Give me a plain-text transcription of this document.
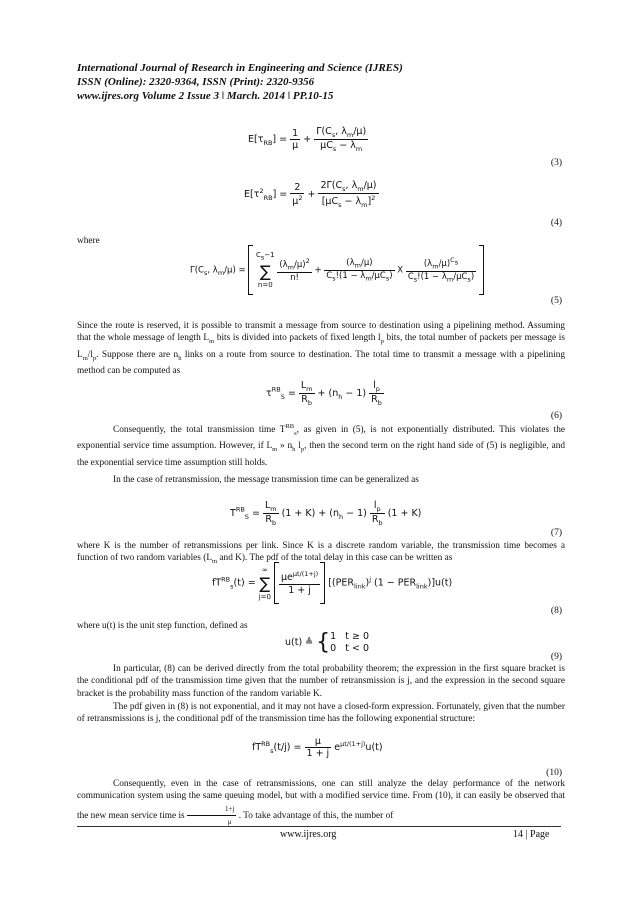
International Journal of Research in Engineering and Science (IJRES)
ISSN (Online): 2320-9364, ISSN (Print): 2320-9356
www.ijres.org Volume 2 Issue 3 ǀ March. 2014 ǀ PP.10-15
$E[\tau_{RB}] = \frac{1}{\mu} + \frac{\Gamma(C_s, \lambda_m/\mu)}{\mu C_s - \lambda_m}$
(3)
$E[\tau^2_{RB}] = \frac{2}{\mu^2} + \frac{2\Gamma(C_s, \lambda_m/\mu)}{[\mu C_s - \lambda_m]^2}$
(4)
where
$\Gamma(C_s$, $\lambda_m/\mu) = C_s-1$
∑
n=0
$\frac{(\lambda_m/\mu)^2}{n!} + \frac{(\lambda_m/\mu)}{C_s!(1 - \lambda_m/\mu C_s)}$ X $\frac{(\lambda_m/\mu)^{C_s}}{C_s!(1 - \lambda_m/\mu C_s)}$

(5)
Since the route is reserved, it is possible to transmit a message from source to destination using a pipelining method. Assuming that the whole message of length $L_m$ bits is divided into packets of fixed length $l_p$ bits, the total number of packets per message is $L_m/l_p$. Suppose there are $n_h$ links on a route from source to destination. The total time to transmit a message with a pipelining method can be computed as
$\tau^{RB}_S = \frac{L_m}{R_b} + (n_h - 1) \frac{l_p}{R_b}$
(6)
Consequently, the total transmission time $T^{RB}_s$, as given in (5), is not exponentially distributed. This violates the exponential service time assumption. However, if $L_m$ » $n_h$ $l_p$, then the second term on the right hand side of (5) is negligible, and the exponential service time assumption still holds.
In the case of retransmission, the message transmission time can be generalized as
$T^{RB}_S = \frac{L_m}{R_b} (1 + K) + (n_h - 1) \frac{l_p}{R_b} (1 + K)$
(7)
where K is the number of retransmissions per link. Since K is a discrete random variable, the transmission time becomes a function of two random variables ($L_m$ and K). The pdf of the total delay in this case can be written as
$fT^{RB}_s(t)$ = ∞
∑
j=0
$\frac{\mu e^{\mu t/(1+j)}}{1 + j} [(PER_{link})^j$ $(1 - PER_{link})]u(t)$
(8)
where u(t) is the unit step function, defined as
u(t) ≜ {1   t ≥ 0
0   t < 0
(9)
In particular, (8) can be derived directly from the total probability theorem; the expression in the first square bracket is the conditional pdf of the transmission time given that the number of retransmission is j, and the expression in the second square bracket is the probability mass function of the random variable K.
The pdf given in (8) is not exponential, and it may not have a closed-form expression. Fortunately, given that the number of retransmissions is j, the conditional pdf of the transmission time has the following exponential structure:
$fT^{RB}_s(t/j) = \frac{\mu}{1 + j} e^{\mu t/(1+j)}u(t)$
(10)
Consequently, even in the case of retransmissions, one can still analyze the delay performance of the network communication system using the same queuing model, but with a modified service time. From (10), it can easily be observed that the new mean service time is $\frac{1+j}{\mu}$ . To take advantage of this, the number of
www.ijres.org	14 | Page
